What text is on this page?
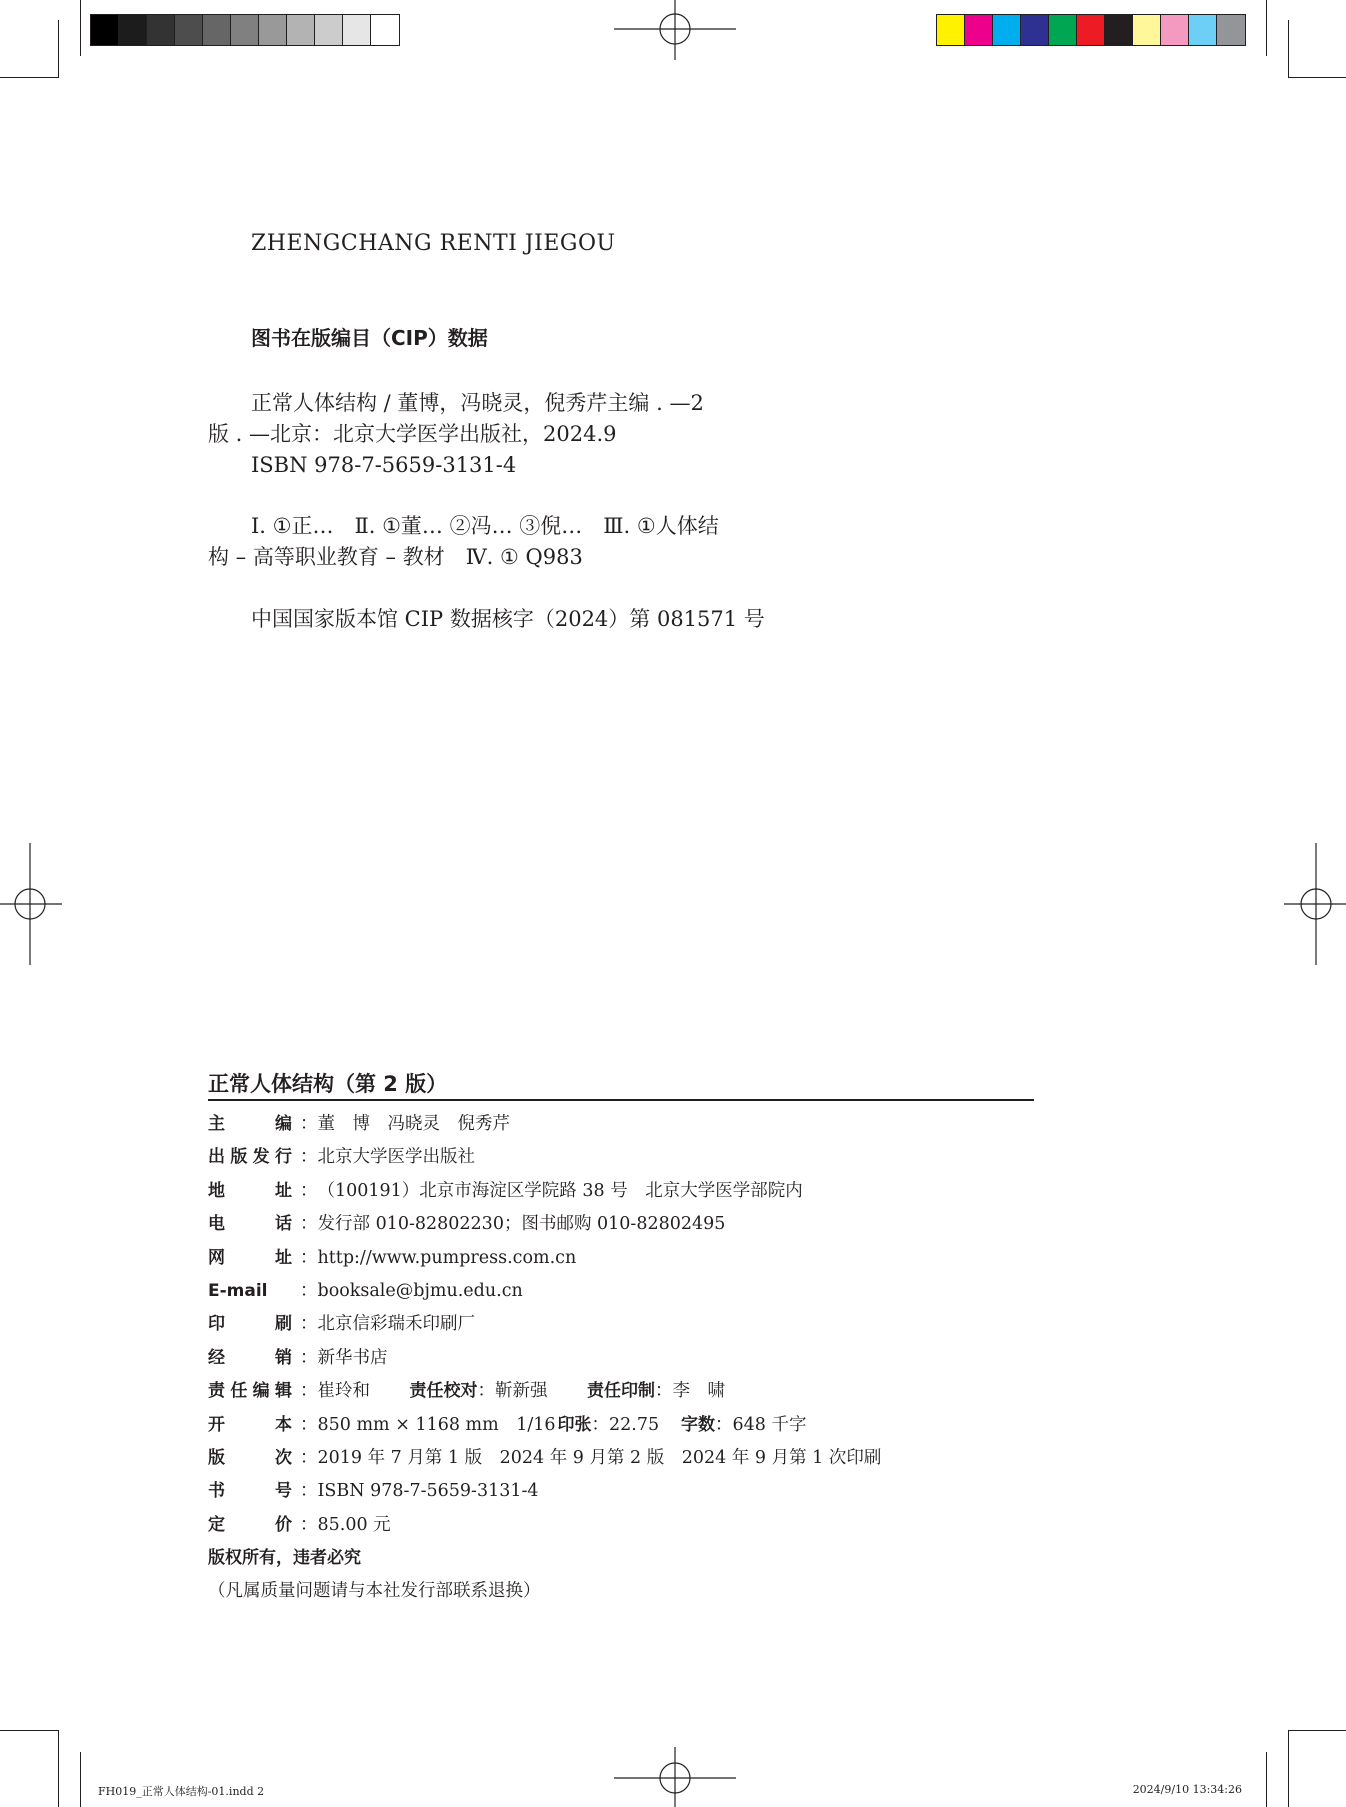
ZHENGCHANG RENTI JIEGOU
图书在版编目（CIP）数据
正常人体结构 / 董博，冯晓灵，倪秀芹主编 . —2
版 . —北京：北京大学医学出版社，2024.9
ISBN 978-7-5659-3131-4
Ⅰ. ①正…　Ⅱ. ①董… ②冯… ③倪…　Ⅲ. ①人体结
构 – 高等职业教育 – 教材　Ⅳ. ① Q983
中国国家版本馆 CIP 数据核字（2024）第 081571 号
正常人体结构（第 2 版）
主编 ：董　博　冯晓灵　倪秀芹
出版发行 ：北京大学医学出版社
地址 ：（100191）北京市海淀区学院路 38 号　北京大学医学部院内
电话 ：发行部 010-82802230；图书邮购 010-82802495
网址 ：http://www.pumpress.com.cn
E-mail ：booksale@bjmu.edu.cn
印刷 ：北京信彩瑞禾印刷厂
经销 ：新华书店
责任编辑 ：崔玲和 责任校对：靳新强 责任印制：李　啸
开本 ：850 mm × 1168 mm　1/16 印张：22.75 字数：648 千字
版次 ：2019 年 7 月第 1 版　2024 年 9 月第 2 版　2024 年 9 月第 1 次印刷
书号 ：ISBN 978-7-5659-3131-4
定价 ：85.00 元
版权所有，违者必究
（凡属质量问题请与本社发行部联系退换）
FH019_正常人体结构-01.indd 2	2024/9/10 13:34:26
